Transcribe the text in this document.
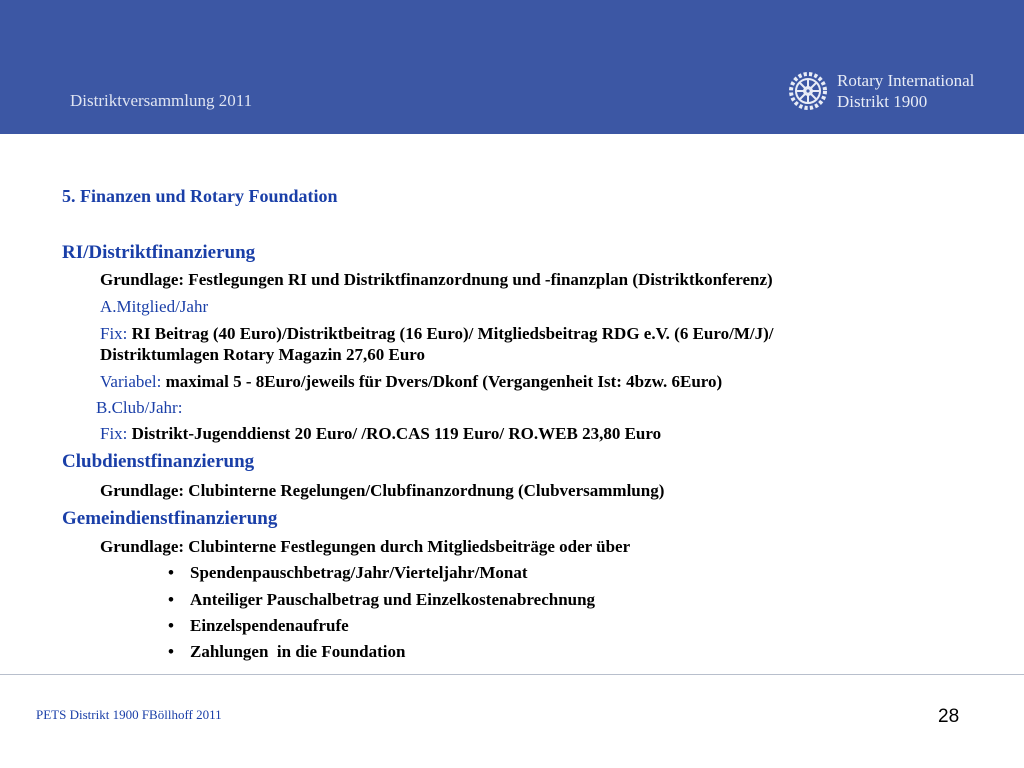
Distriktversammlung 2011
Rotary International
Distrikt 1900
5. Finanzen und Rotary Foundation
RI/Distriktfinanzierung
Grundlage: Festlegungen RI und Distriktfinanzordnung und -finanzplan (Distriktkonferenz)
A.Mitglied/Jahr
Fix: RI Beitrag (40 Euro)/Distriktbeitrag (16 Euro)/ Mitgliedsbeitrag RDG e.V. (6 Euro/M/J)/
Distriktumlagen Rotary Magazin 27,60 Euro
Variabel: maximal 5 - 8Euro/jeweils für Dvers/Dkonf (Vergangenheit Ist: 4bzw. 6Euro)
B.Club/Jahr:
Fix: Distrikt-Jugenddienst 20 Euro/ /RO.CAS 119 Euro/ RO.WEB 23,80 Euro
Clubdienstfinanzierung
Grundlage: Clubinterne Regelungen/Clubfinanzordnung (Clubversammlung)
Gemeindienstfinanzierung
Grundlage: Clubinterne Festlegungen durch Mitgliedsbeiträge oder über
• Spendenpauschbetrag/Jahr/Vierteljahr/Monat
• Anteiliger Pauschalbetrag und Einzelkostenabrechnung
• Einzelspendenaufrufe
• Zahlungen  in die Foundation
PETS Distrikt 1900 FBöllhoff 2011	28
